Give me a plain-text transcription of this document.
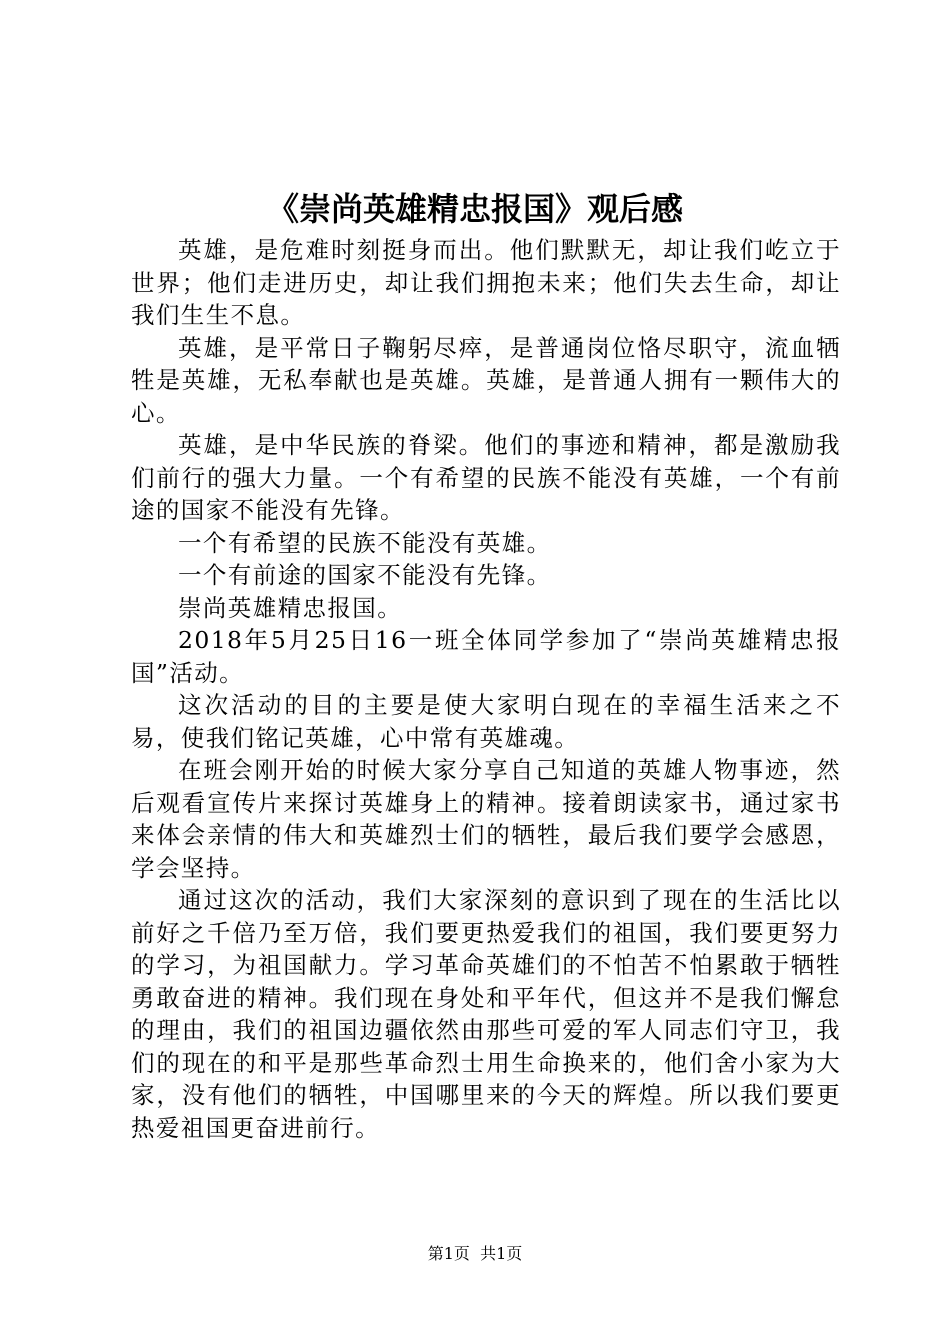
《崇尚英雄精忠报国》观后感

英雄，是危难时刻挺身而出。他们默默无，却让我们屹立于世界；他们走进历史，却让我们拥抱未来；他们失去生命，却让我们生生不息。

英雄，是平常日子鞠躬尽瘁，是普通岗位恪尽职守，流血牺牲是英雄，无私奉献也是英雄。英雄，是普通人拥有一颗伟大的心。

英雄，是中华民族的脊梁。他们的事迹和精神，都是激励我们前行的强大力量。一个有希望的民族不能没有英雄，一个有前途的国家不能没有先锋。

一个有希望的民族不能没有英雄。

一个有前途的国家不能没有先锋。

崇尚英雄精忠报国。

2018年5月25日16一班全体同学参加了“崇尚英雄精忠报国”活动。

这次活动的目的主要是使大家明白现在的幸福生活来之不易，使我们铭记英雄，心中常有英雄魂。

在班会刚开始的时候大家分享自己知道的英雄人物事迹，然后观看宣传片来探讨英雄身上的精神。接着朗读家书，通过家书来体会亲情的伟大和英雄烈士们的牺牲，最后我们要学会感恩，学会坚持。

通过这次的活动，我们大家深刻的意识到了现在的生活比以前好之千倍乃至万倍，我们要更热爱我们的祖国，我们要更努力的学习，为祖国献力。学习革命英雄们的不怕苦不怕累敢于牺牲勇敢奋进的精神。我们现在身处和平年代，但这并不是我们懈怠的理由，我们的祖国边疆依然由那些可爱的军人同志们守卫，我们的现在的和平是那些革命烈士用生命换来的，他们舍小家为大家，没有他们的牺牲，中国哪里来的今天的辉煌。所以我们要更热爱祖国更奋进前行。

第1页 共1页
